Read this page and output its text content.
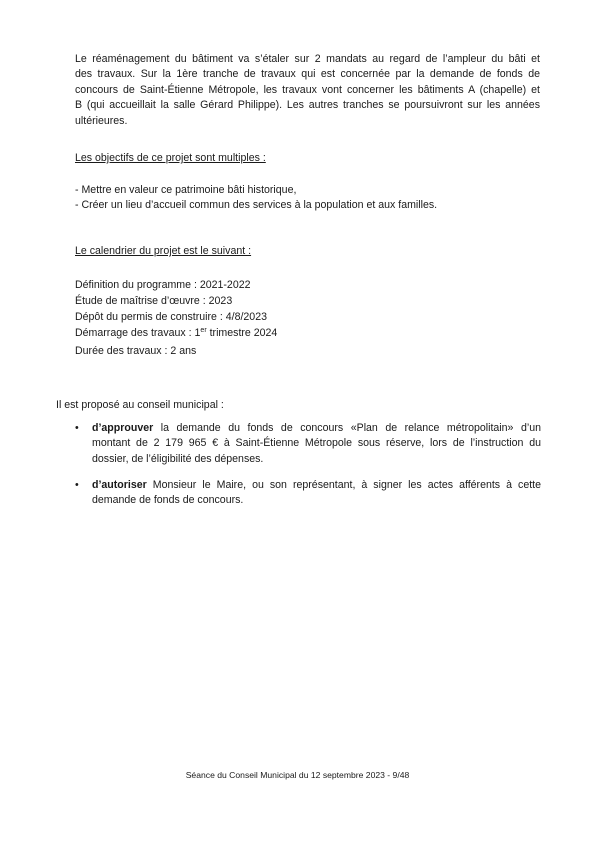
Le réaménagement du bâtiment va s’étaler sur 2 mandats au regard de l’ampleur du bâti et
des travaux. Sur la 1ère tranche de travaux qui est concernée par la demande de fonds de
concours de Saint-Étienne Métropole, les travaux vont concerner les bâtiments A (chapelle) et
B (qui accueillait la salle Gérard Philippe). Les autres tranches se poursuivront sur les années
ultérieures.
Les objectifs de ce projet sont multiples :
- Mettre en valeur ce patrimoine bâti historique,
- Créer un lieu d’accueil commun des services à la population et aux familles.
Le calendrier du projet est le suivant :
Définition du programme : 2021-2022
Étude de maîtrise d’œuvre : 2023
Dépôt du permis de construire : 4/8/2023
Démarrage des travaux : 1er trimestre 2024
Durée des travaux : 2 ans
Il est proposé au conseil municipal :
• d’approuver la demande du fonds de concours «Plan de relance métropolitain» d’un
montant de 2 179 965 € à Saint-Étienne Métropole sous réserve, lors de l’instruction du
dossier, de l’éligibilité des dépenses.
• d’autoriser Monsieur le Maire, ou son représentant, à signer les actes afférents à cette
demande de fonds de concours.
Séance du Conseil Municipal du 12 septembre 2023 - 9/48
